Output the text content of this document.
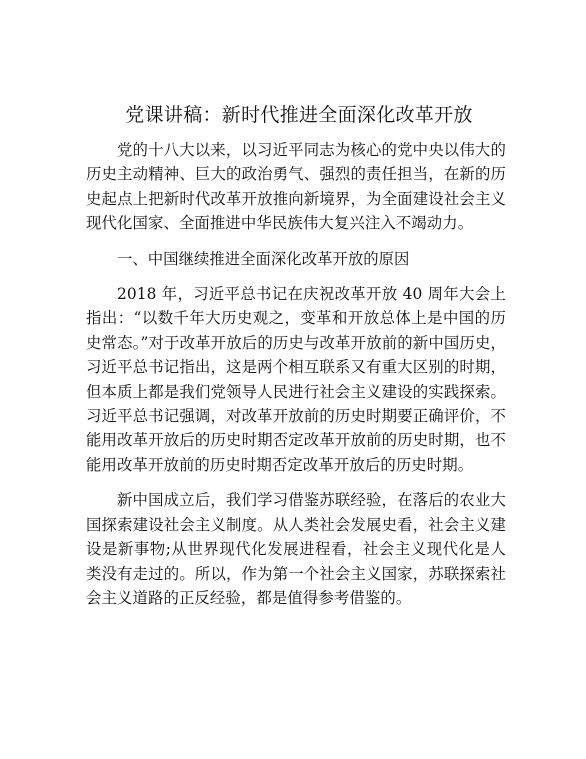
党课讲稿：新时代推进全面深化改革开放

党的十八大以来，以习近平同志为核心的党中央以伟大的历史主动精神、巨大的政治勇气、强烈的责任担当，在新的历史起点上把新时代改革开放推向新境界，为全面建设社会主义现代化国家、全面推进中华民族伟大复兴注入不竭动力。

一、中国继续推进全面深化改革开放的原因

2018 年，习近平总书记在庆祝改革开放 40 周年大会上指出：“以数千年大历史观之，变革和开放总体上是中国的历史常态。”对于改革开放后的历史与改革开放前的新中国历史，习近平总书记指出，这是两个相互联系又有重大区别的时期，但本质上都是我们党领导人民进行社会主义建设的实践探索。习近平总书记强调，对改革开放前的历史时期要正确评价，不能用改革开放后的历史时期否定改革开放前的历史时期，也不能用改革开放前的历史时期否定改革开放后的历史时期。

新中国成立后，我们学习借鉴苏联经验，在落后的农业大国探索建设社会主义制度。从人类社会发展史看，社会主义建设是新事物;从世界现代化发展进程看，社会主义现代化是人类没有走过的。所以，作为第一个社会主义国家，苏联探索社会主义道路的正反经验，都是值得参考借鉴的。
